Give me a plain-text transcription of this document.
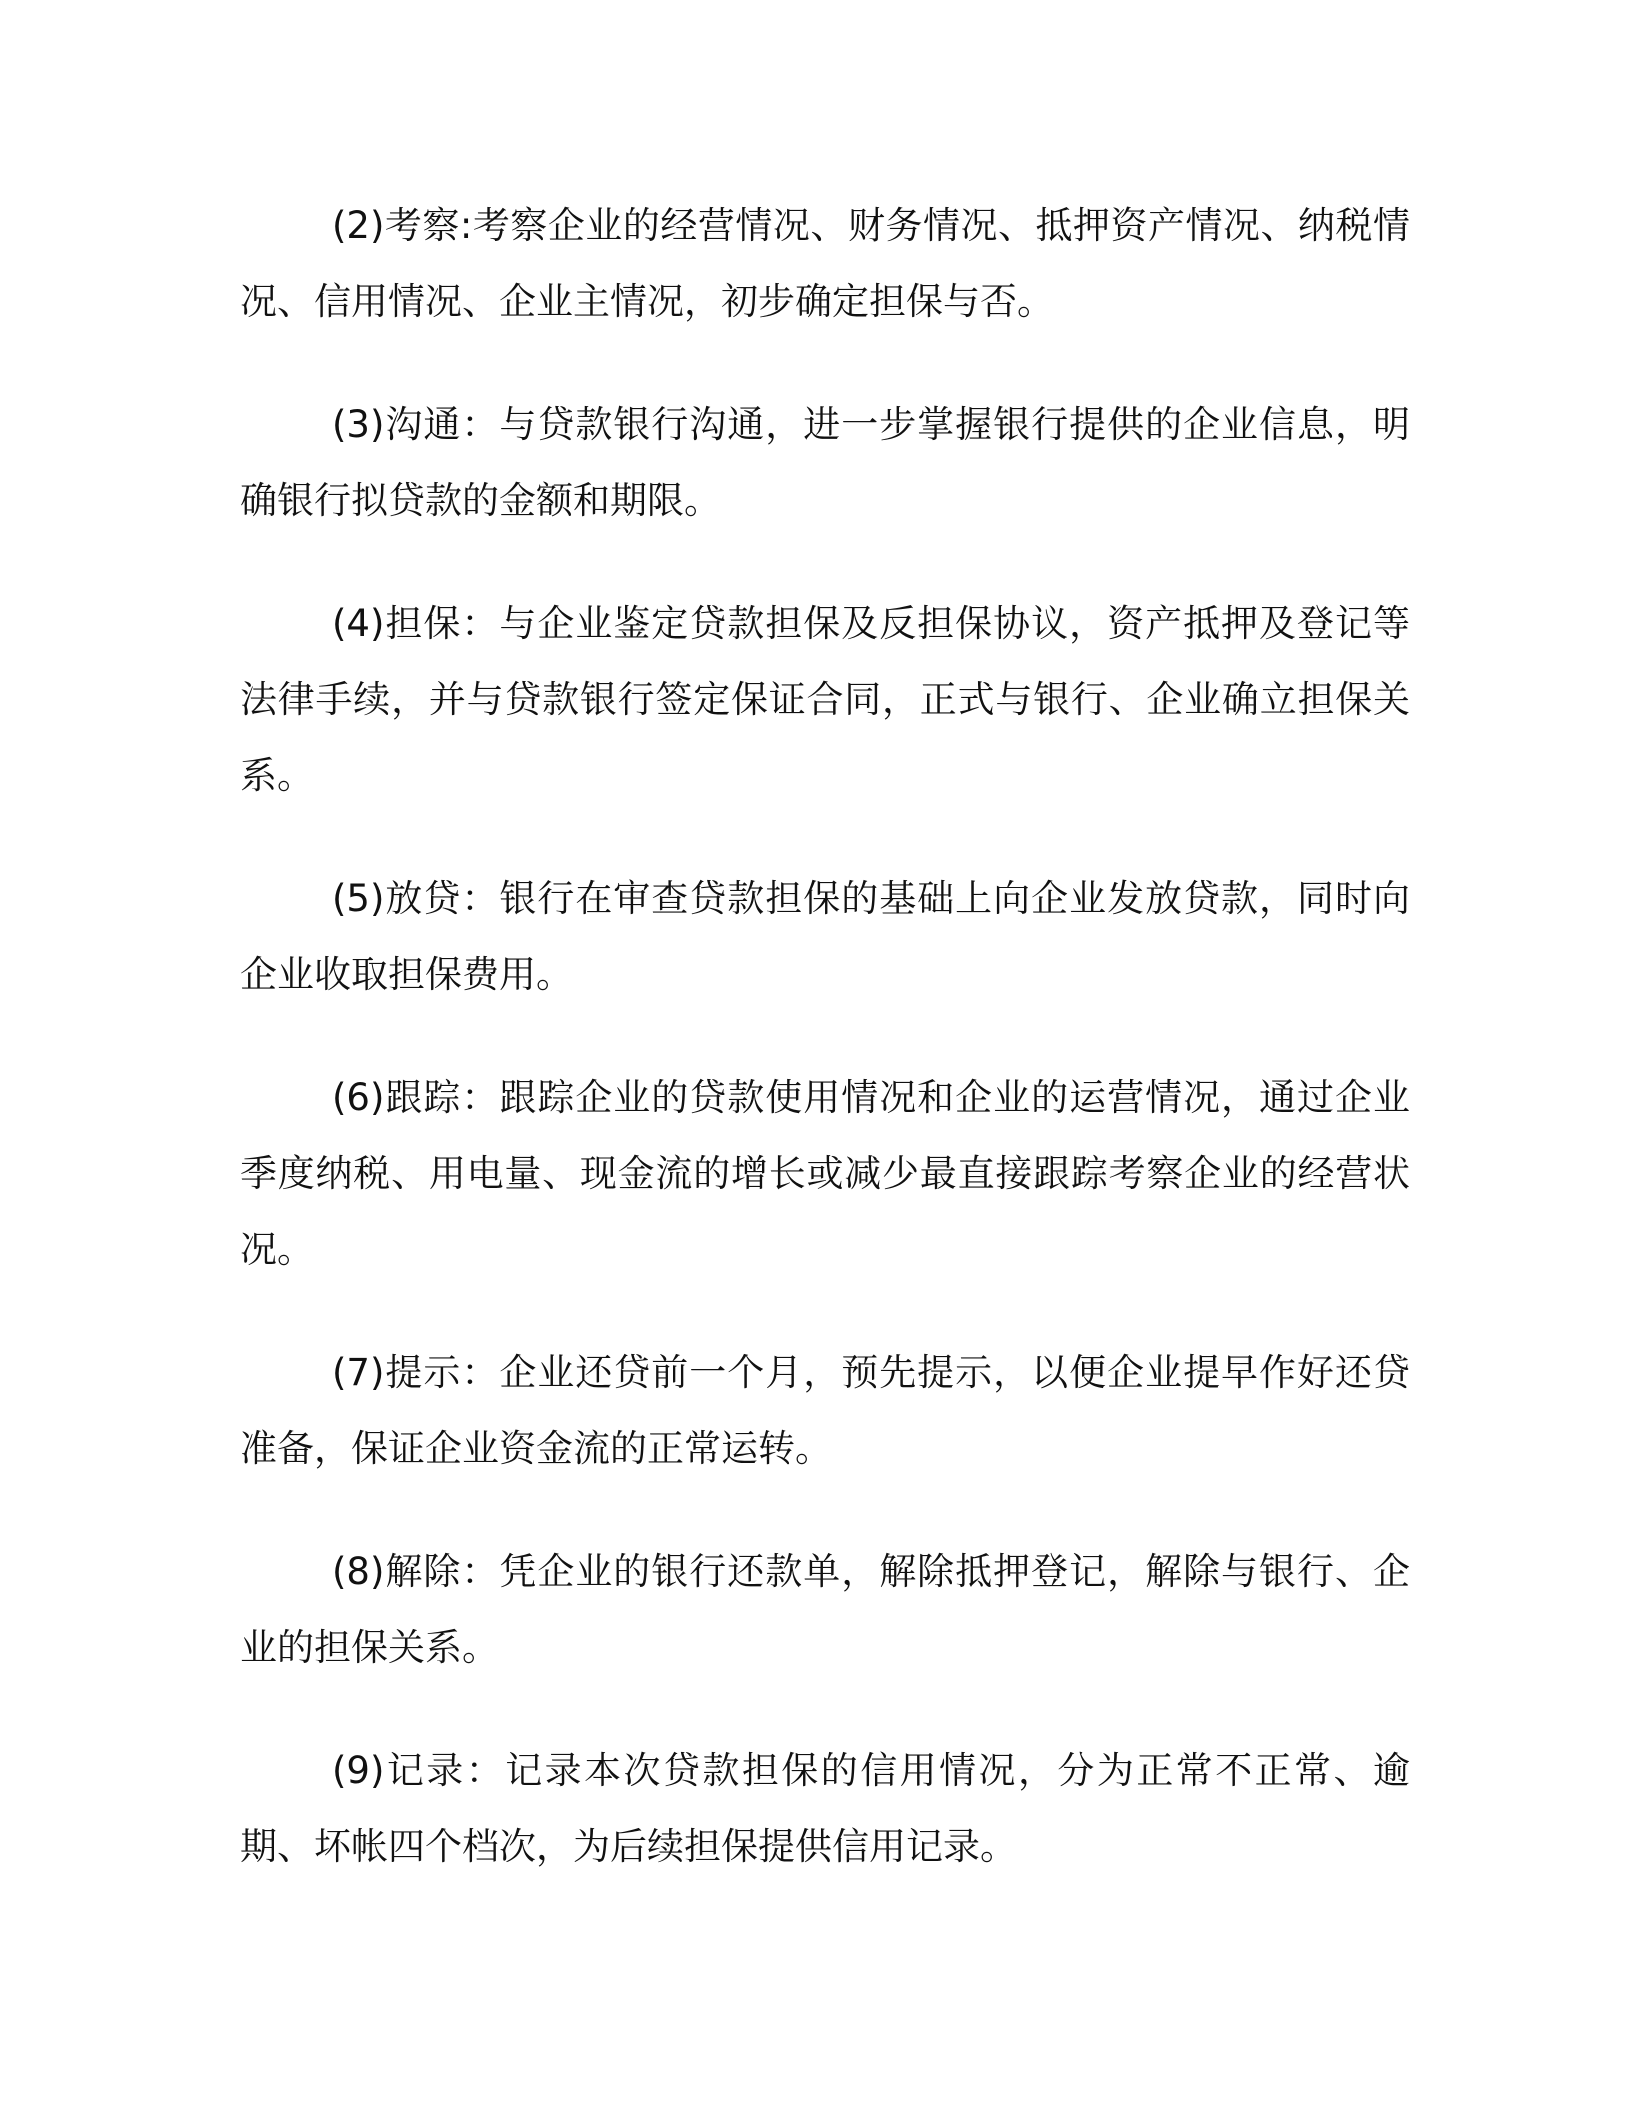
(2)考察:考察企业的经营情况、财务情况、抵押资产情况、纳税情况、信用情况、企业主情况，初步确定担保与否。

(3)沟通：与贷款银行沟通，进一步掌握银行提供的企业信息，明确银行拟贷款的金额和期限。

(4)担保：与企业鉴定贷款担保及反担保协议，资产抵押及登记等法律手续，并与贷款银行签定保证合同，正式与银行、企业确立担保关系。

(5)放贷：银行在审查贷款担保的基础上向企业发放贷款，同时向企业收取担保费用。

(6)跟踪：跟踪企业的贷款使用情况和企业的运营情况，通过企业季度纳税、用电量、现金流的增长或减少最直接跟踪考察企业的经营状况。

(7)提示：企业还贷前一个月，预先提示，以便企业提早作好还贷准备，保证企业资金流的正常运转。

(8)解除：凭企业的银行还款单，解除抵押登记，解除与银行、企业的担保关系。

(9)记录：记录本次贷款担保的信用情况，分为正常不正常、逾期、坏帐四个档次，为后续担保提供信用记录。
